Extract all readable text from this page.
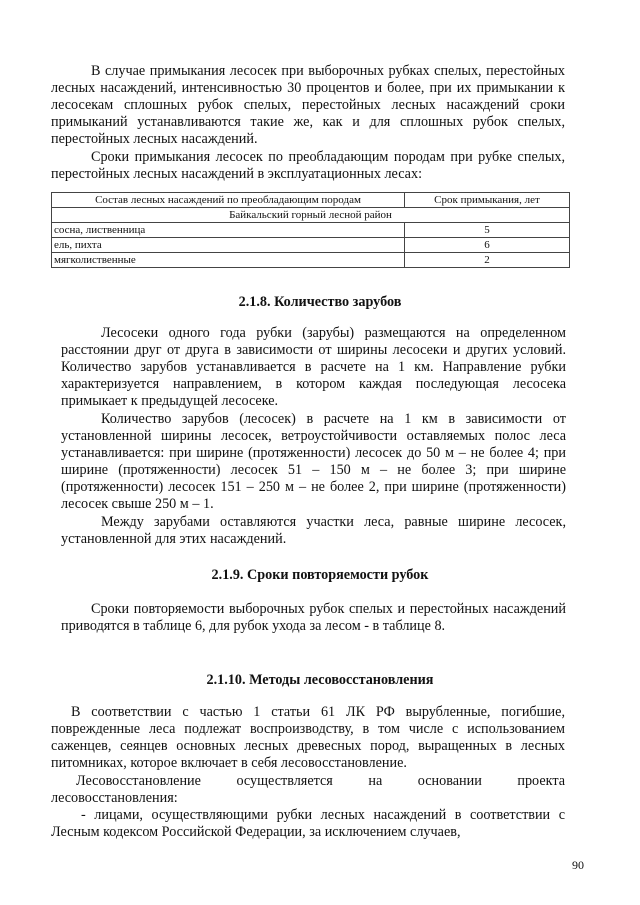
В случае примыкания лесосек при выборочных рубках спелых, перестойных лесных насаждений, интенсивностью 30 процентов и более, при их примыкании к лесосекам сплошных рубок спелых, перестойных лесных насаждений сроки примыканий устанавливаются такие же, как и для сплошных рубок спелых, перестойных лесных насаждений.

Сроки примыкания лесосек по преобладающим породам при рубке спелых, перестойных лесных насаждений в эксплуатационных лесах:

Состав лесных насаждений по преобладающим породам	Срок примыкания, лет
Байкальский горный лесной район	
сосна, лиственница	5
ель, пихта	6
мягколиственные	2
2.1.8. Количество зарубов

Лесосеки одного года рубки (зарубы) размещаются на определенном расстоянии друг от друга в зависимости от ширины лесосеки и других условий. Количество зарубов устанавливается в расчете на 1 км. Направление рубки характеризуется направлением, в котором каждая последующая лесосека примыкает к предыдущей лесосеке.

Количество зарубов (лесосек) в расчете на 1 км в зависимости от установленной ширины лесосек, ветроустойчивости оставляемых полос леса устанавливается: при ширине (протяженности) лесосек до 50 м – не более 4; при ширине (протяженности) лесосек 51 – 150 м – не более 3; при ширине (протяженности) лесосек 151 – 250 м – не более 2, при ширине (протяженности) лесосек свыше 250 м – 1.

Между зарубами оставляются участки леса, равные ширине лесосек, установленной для этих насаждений.

2.1.9. Сроки повторяемости рубок

Сроки повторяемости выборочных рубок спелых и перестойных насаждений приводятся в таблице 6, для рубок ухода за лесом - в таблице 8.

2.1.10. Методы лесовосстановления

В соответствии с частью 1 статьи 61 ЛК РФ вырубленные, погибшие, поврежденные леса подлежат воспроизводству, в том числе с использованием саженцев, сеянцев основных лесных древесных пород, выращенных в лесных питомниках, которое включает в себя лесовосстановление.

Лесовосстановление осуществляется на основании проекта лесовосстановления:

- лицами, осуществляющими рубки лесных насаждений в соответствии с Лесным кодексом Российской Федерации, за исключением случаев,

90
